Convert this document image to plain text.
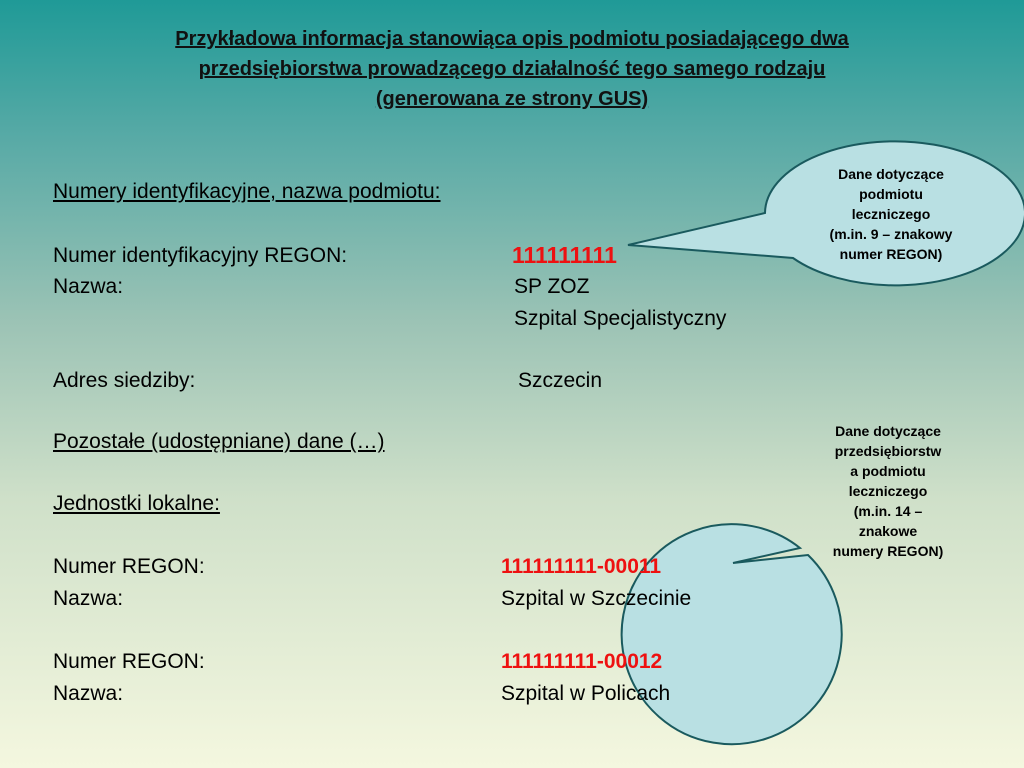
Przykładowa informacja stanowiąca opis podmiotu posiadającego dwa
przedsiębiorstwa prowadzącego działalność tego samego rodzaju
(generowana ze strony GUS)
Dane dotyczące
podmiotu
leczniczego
(m.in. 9 – znakowy
numer REGON)
Dane dotyczące
przedsiębiorstw
a podmiotu
leczniczego
(m.in. 14 –
znakowe
numery REGON)
Numery identyfikacyjne, nazwa podmiotu:
Numer identyfikacyjny REGON:	111111111
Nazwa:	SP ZOZ
Szpital Specjalistyczny
Adres siedziby:	Szczecin
Pozostałe (udostępniane) dane (…)
Jednostki lokalne:
Numer REGON:	111111111-00011
Nazwa:	Szpital w Szczecinie
Numer REGON:	111111111-00012
Nazwa:	Szpital w Policach
